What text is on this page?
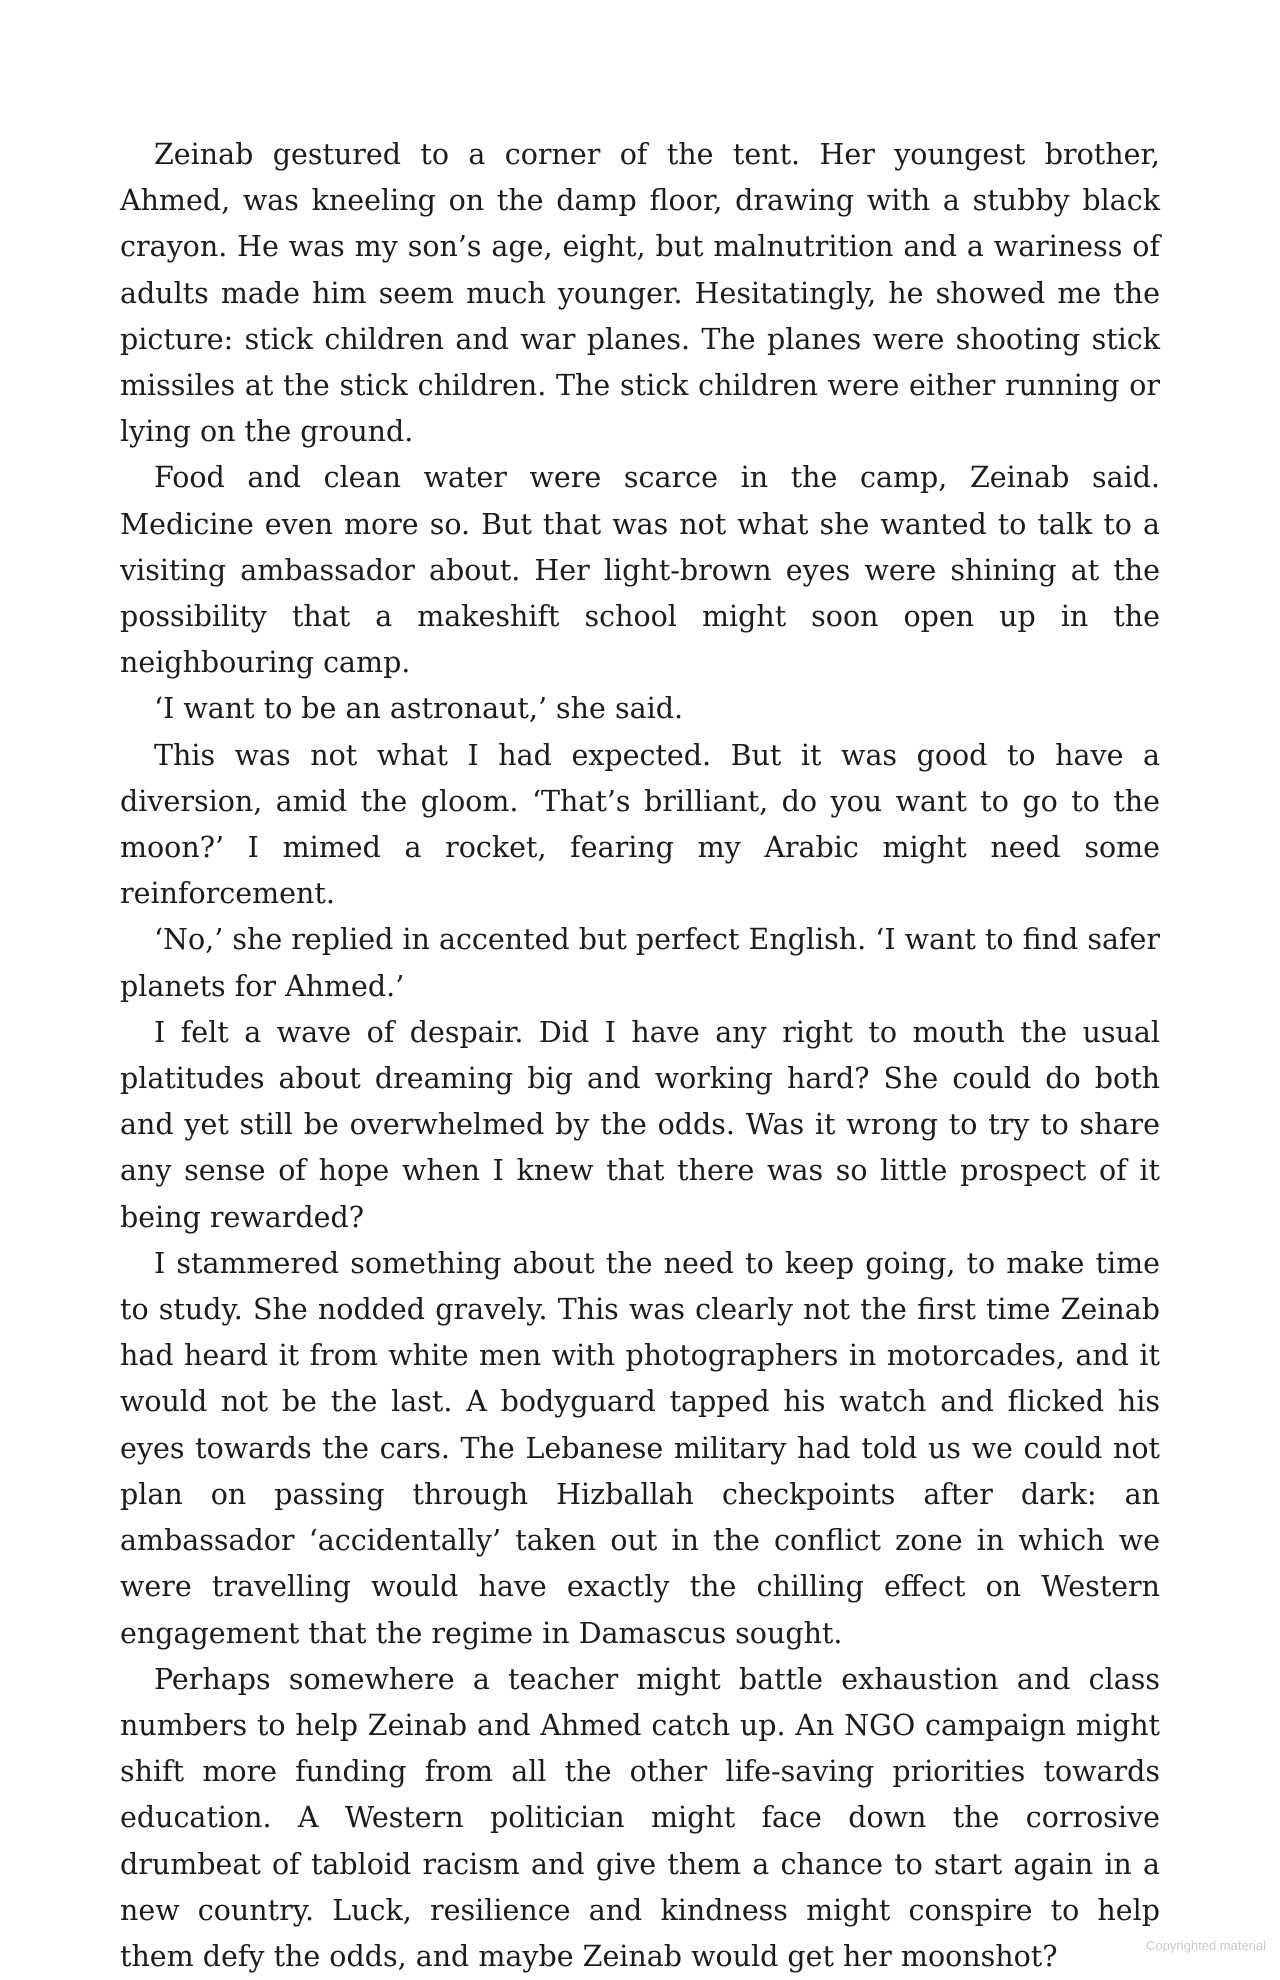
Zeinab gestured to a corner of the tent. Her youngest brother, Ahmed, was kneeling on the damp floor, drawing with a stubby black crayon. He was my son’s age, eight, but malnutrition and a wariness of adults made him seem much younger. Hesitatingly, he showed me the picture: stick children and war planes. The planes were shooting stick missiles at the stick children. The stick children were either running or lying on the ground.

Food and clean water were scarce in the camp, Zeinab said. Medicine even more so. But that was not what she wanted to talk to a visiting ambassador about. Her light-brown eyes were shining at the possibility that a makeshift school might soon open up in the neighbouring camp.

‘I want to be an astronaut,’ she said.

This was not what I had expected. But it was good to have a diversion, amid the gloom. ‘That’s brilliant, do you want to go to the moon?’ I mimed a rocket, fearing my Arabic might need some reinforcement.

‘No,’ she replied in accented but perfect English. ‘I want to find safer planets for Ahmed.’

I felt a wave of despair. Did I have any right to mouth the usual platitudes about dreaming big and working hard? She could do both and yet still be overwhelmed by the odds. Was it wrong to try to share any sense of hope when I knew that there was so little prospect of it being rewarded?

I stammered something about the need to keep going, to make time to study. She nodded gravely. This was clearly not the first time Zeinab had heard it from white men with photographers in motorcades, and it would not be the last. A bodyguard tapped his watch and flicked his eyes towards the cars. The Lebanese military had told us we could not plan on passing through Hizballah checkpoints after dark: an ambassador ‘accidentally’ taken out in the conflict zone in which we were travelling would have exactly the chilling effect on Western engagement that the regime in Damascus sought.

Perhaps somewhere a teacher might battle exhaustion and class numbers to help Zeinab and Ahmed catch up. An NGO campaign might shift more funding from all the other life-saving priorities towards education. A Western politician might face down the corrosive drumbeat of tabloid racism and give them a chance to start again in a new country. Luck, resilience and kindness might conspire to help them defy the odds, and maybe Zeinab would get her moonshot?	Copyrighted material
